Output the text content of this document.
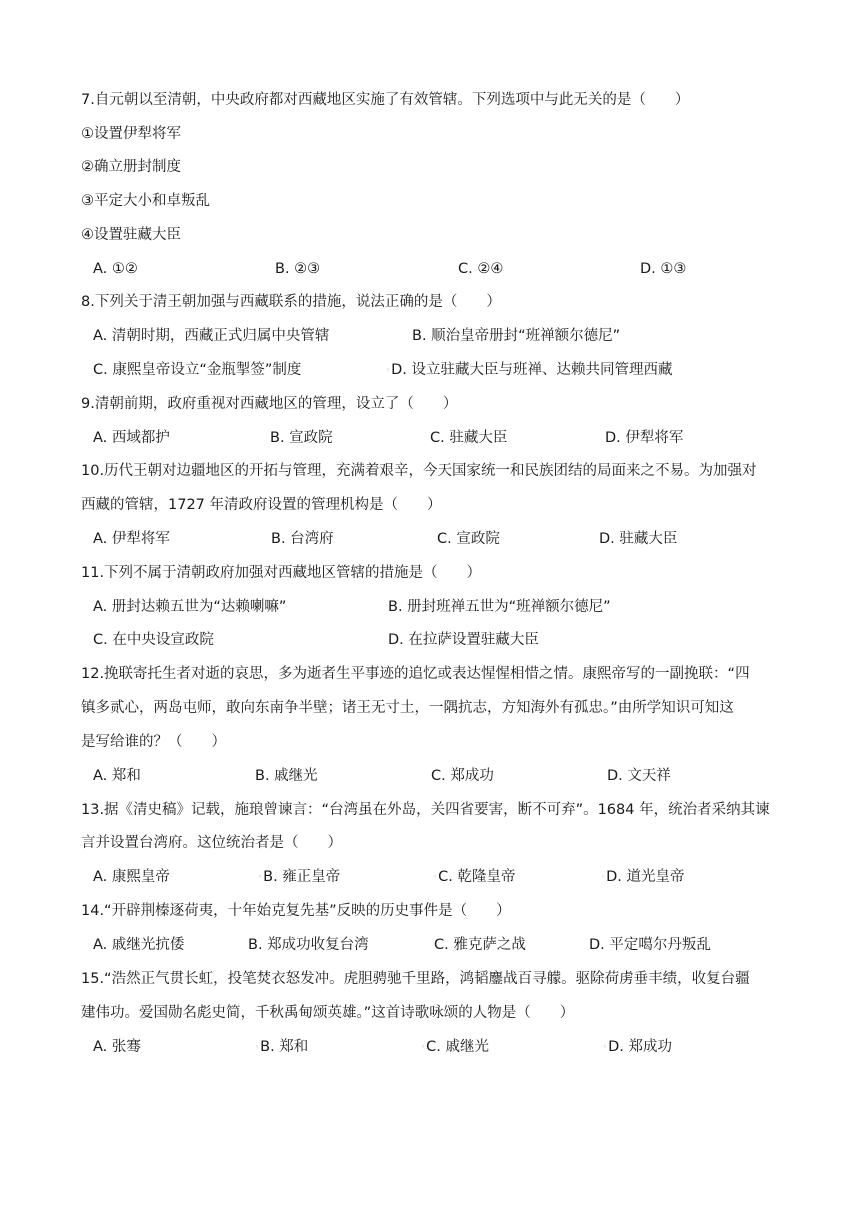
7.自元朝以至清朝，中央政府都对西藏地区实施了有效管辖。下列选项中与此无关的是（　　）
①设置伊犁将军
②确立册封制度
③平定大小和卓叛乱
④设置驻藏大臣
A. ①②	B. ②③	C. ②④	D. ①③
8.下列关于清王朝加强与西藏联系的措施，说法正确的是（　　）
A. 清朝时期，西藏正式归属中央管辖	B. 顺治皇帝册封“班禅额尔德尼”
C. 康熙皇帝设立“金瓶掣签”制度	◦D. 设立驻藏大臣与班禅、达赖共同管理西藏
9.清朝前期，政府重视对西藏地区的管理，设立了（　　）
A. 西域都护	B. 宣政院	C. 驻藏大臣	D. 伊犁将军
10.历代王朝对边疆地区的开拓与管理，充满着艰辛，今天国家统一和民族团结的局面来之不易。为加强对
西藏的管辖，1727 年清政府设置的管理机构是（　　）
A. 伊犁将军	B. 台湾府	C. 宣政院	D. 驻藏大臣
11.下列不属于清朝政府加强对西藏地区管辖的措施是（　　）
A. 册封达赖五世为“达赖喇嘛”	B. 册封班禅五世为“班禅额尔德尼”
C. 在中央设宣政院	D. 在拉萨设置驻藏大臣
12.挽联寄托生者对逝的哀思，多为逝者生平事迹的追忆或表达惺惺相惜之情。康熙帝写的一副挽联：“四
镇多贰心，两岛屯师，敢向东南争半壁；诸王无寸土，一隅抗志，方知海外有孤忠。”由所学知识可知这
是写给谁的？（　　）
A. 郑和	B. 戚继光	C. 郑成功	D. 文天祥
13.据《清史稿》记载，施琅曾谏言：“台湾虽在外岛，关四省要害，断不可弃”。1684 年，统治者采纳其谏
言并设置台湾府。这位统治者是（　　）
A. 康熙皇帝	◦B. 雍正皇帝	◦C. 乾隆皇帝	◦D. 道光皇帝
14.“开辟荆榛逐荷夷，十年始克复先基”反映的历史事件是（　　）
A. 戚继光抗倭	B. 郑成功收复台湾	C. 雅克萨之战	D. 平定噶尔丹叛乱
15.“浩然正气贯长虹，投笔焚衣怒发冲。虎胆骋驰千里路，鸿韬鏖战百寻艨。驱除荷虏垂丰绩，收复台疆
建伟功。爱国勋名彪史简，千秋禹甸颂英雄。”这首诗歌咏颂的人物是（　　）
A. 张骞	◦B. 郑和	◦C. 戚继光	◦D. 郑成功
